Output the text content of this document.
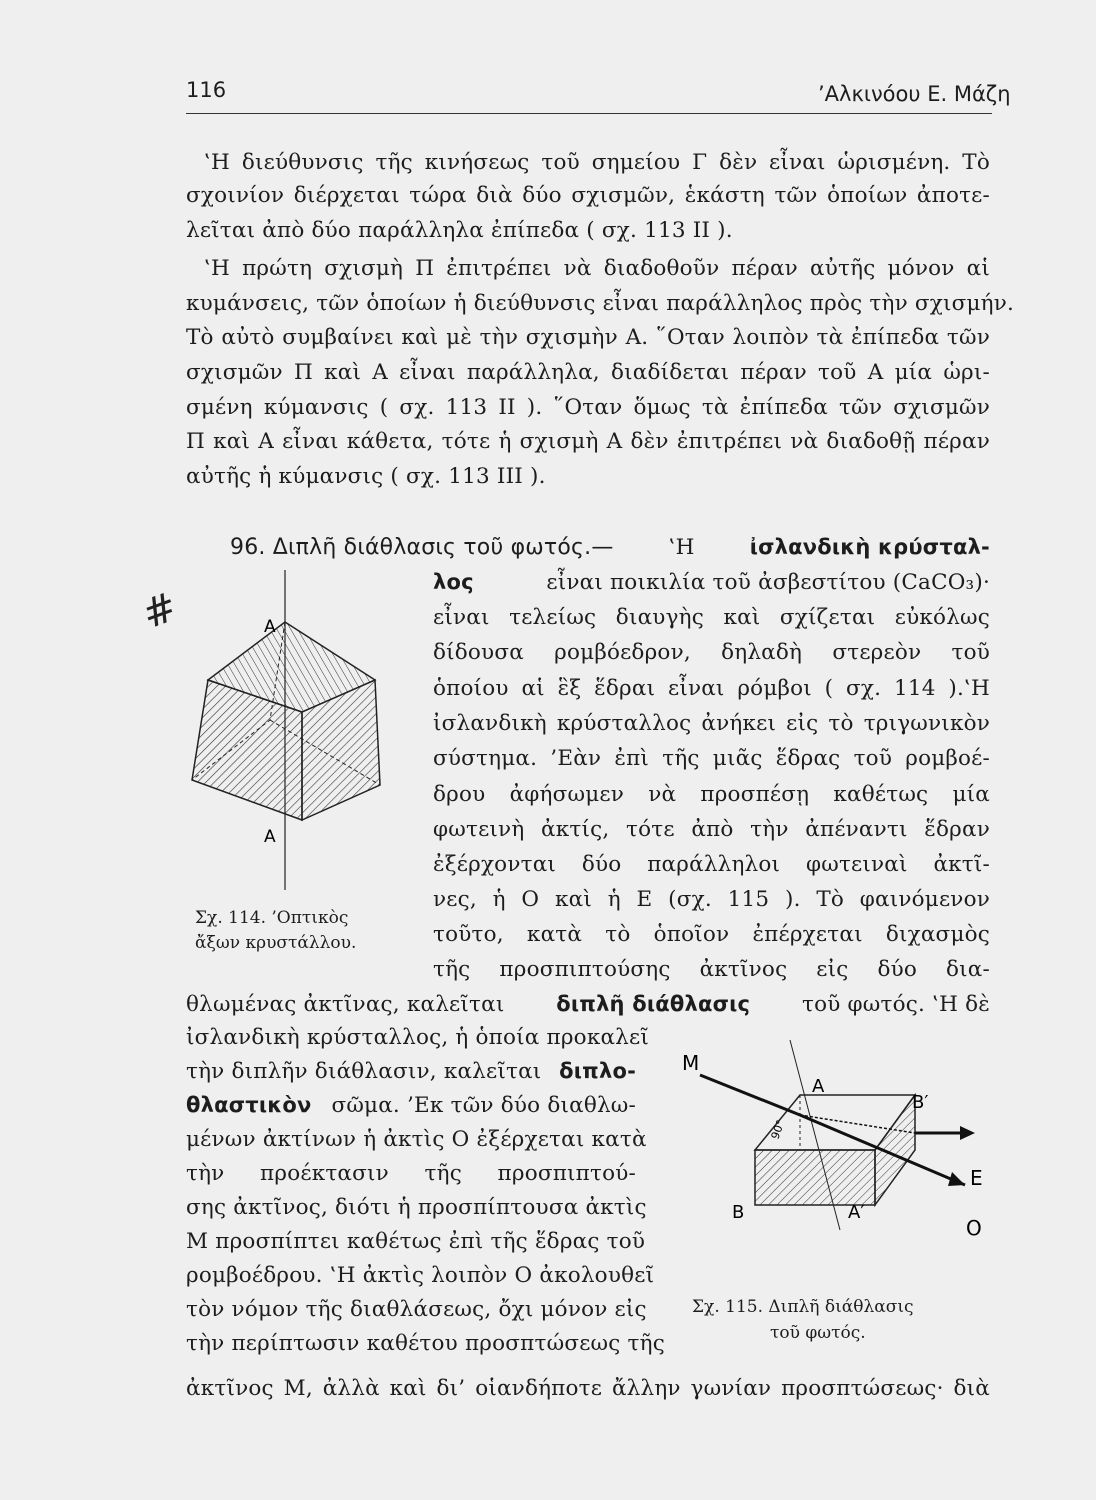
116	’Αλκινόου Ε. Μάζη
‛Η διεύθυνσις τῆς κινήσεως τοῦ σημείου Γ δὲν εἶναι ὡρισμένη. Τὸ
σχοινίον διέρχεται τώρα διὰ δύο σχισμῶν, ἑκάστη τῶν ὁποίων ἀποτε-
λεῖται ἀπὸ δύο παράλληλα ἐπίπεδα ( σχ. 113 II ).
‛Η πρώτη σχισμὴ Π ἐπιτρέπει νὰ διαδοθοῦν πέραν αὐτῆς μόνον αἱ
κυμάνσεις, τῶν ὁποίων ἡ διεύθυνσις εἶναι παράλληλος πρὸς τὴν σχισμήν.
Τὸ αὐτὸ συμβαίνει καὶ μὲ τὴν σχισμὴν Α. ῞Οταν λοιπὸν τὰ ἐπίπεδα τῶν
σχισμῶν Π καὶ Α εἶναι παράλληλα, διαδίδεται πέραν τοῦ Α μία ὡρι-
σμένη κύμανσις ( σχ. 113 II ). ῞Οταν ὅμως τὰ ἐπίπεδα τῶν σχισμῶν
Π καὶ Α εἶναι κάθετα, τότε ἡ σχισμὴ Α δὲν ἐπιτρέπει νὰ διαδοθῇ πέραν
αὐτῆς ἡ κύμανσις ( σχ. 113 III ).
96. Διπλῆ διάθλασις τοῦ φωτός.—	‛Η	ἰσλανδικὴ κρύσταλ-
λος	εἶναι ποικιλία τοῦ ἀσβεστίτου (CaCO₃)·
εἶναι τελείως διαυγὴς καὶ σχίζεται εὐκόλως
δίδουσα ρομβόεδρον, δηλαδὴ στερεὸν τοῦ
ὁποίου αἱ ἓξ ἕδραι εἶναι ρόμβοι ( σχ. 114 ).‛Η
ἰσλανδικὴ κρύσταλλος ἀνήκει εἰς τὸ τριγωνικὸν
σύστημα. ’Εὰν ἐπὶ τῆς μιᾶς ἕδρας τοῦ ρομβοέ-
δρου ἀφήσωμεν νὰ προσπέσῃ καθέτως μία
φωτεινὴ ἀκτίς, τότε ἀπὸ τὴν ἀπέναντι ἕδραν
ἐξέρχονται δύο παράλληλοι φωτειναὶ ἀκτῖ-
νες, ἡ Ο καὶ ἡ Ε (σχ. 115 ). Τὸ φαινόμενον
τοῦτο, κατὰ τὸ ὁποῖον ἐπέρχεται διχασμὸς
τῆς προσπιπτούσης ἀκτῖνος εἰς δύο δια-
θλωμένας ἀκτῖνας, καλεῖται διπλῆ διάθλασις τοῦ φωτός. ‛Η δὲ
ἰσλανδικὴ κρύσταλλος, ἡ ὁποία προκαλεῖ
τὴν διπλῆν διάθλασιν, καλεῖται διπλο-
θλαστικὸν σῶμα. ’Εκ τῶν δύο διαθλω-
μένων ἀκτίνων ἡ ἀκτὶς Ο ἐξέρχεται κατὰ
τὴν προέκτασιν τῆς προσπιπτού-
σης ἀκτῖνος, διότι ἡ προσπίπτουσα ἀκτὶς
Μ προσπίπτει καθέτως ἐπὶ τῆς ἕδρας τοῦ
ρομβοέδρου. ‛Η ἀκτὶς λοιπὸν Ο ἀκολουθεῖ
τὸν νόμον τῆς διαθλάσεως, ὄχι μόνον εἰς
τὴν περίπτωσιν καθέτου προσπτώσεως τῆς
ἀκτῖνος Μ, ἀλλὰ καὶ δι’ οἱανδήποτε ἄλλην γωνίαν προσπτώσεως· διὰ
#	Α
Α
Σχ. 114. ’Οπτικὸς
ἄξων κρυστάλλου.
Μ
Α
Β′
Ε
Β	Α′
Ο
90°
Σχ. 115. Διπλῆ διάθλασις
τοῦ φωτός.
